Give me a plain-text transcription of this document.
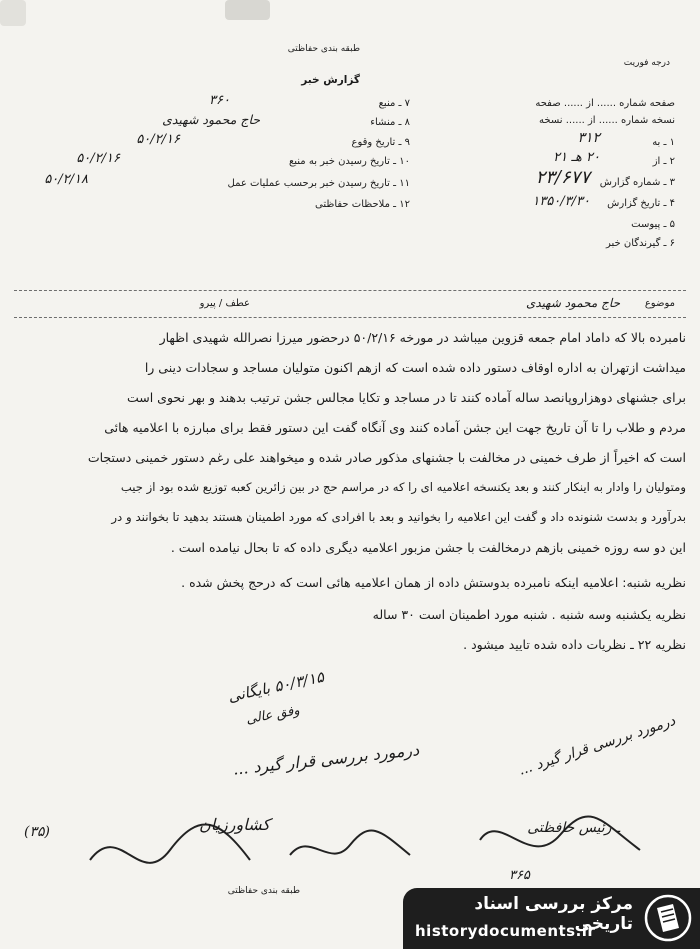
طبقه بندی حفاظتی
درجه فوریت
گزارش خبر
صفحه شماره ...... از ...... صفحه
نسخه شماره ...... از ...... نسخه
۱ ـ به
۳۱۲
۲ ـ از
۲۰ هـ ۲۱
۳ ـ شماره گزارش
۲۳/۶۷۷
۴ ـ تاریخ گزارش
۱۳۵۰/۳/۳۰
۵ ـ پیوست
۶ ـ گیرندگان خبر
۷ ـ منبع
۳۶۰
۸ ـ منشاء
حاج محمود شهیدی
۹ ـ تاریخ وقوع
۵۰/۲/۱۶
۱۰ ـ تاریخ رسیدن خبر به منبع
۵۰/۲/۱۶
۱۱ ـ تاریخ رسیدن خبر برحسب عملیات عمل
۵۰/۲/۱۸
۱۲ ـ ملاحظات حفاظتی
موضوع
حاج محمود شهیدی
عطف / پیرو
نامبرده بالا که داماد امام جمعه قزوین میباشد در مورخه ۵۰/۲/۱۶ درحضور میرزا نصرالله شهیدی اظهار
میداشت ازتهران به اداره اوقاف دستور داده شده است که ازهم اکنون متولیان مساجد و سجادات دینی را
برای جشنهای دوهزاروپانصد ساله آماده کنند تا در مساجد و تکایا مجالس جشن ترتیب بدهند و بهر نحوی است
مردم و طلاب را تا آن تاریخ جهت این جشن آماده کنند وی آنگاه گفت این دستور فقط برای مبارزه با اعلامیه هائی
است که اخیراً از طرف خمینی در مخالفت با جشنهای مذکور صادر شده و میخواهند علی رغم دستور خمینی دستجات
ومتولیان را وادار به اینکار کنند و بعد یکنسخه اعلامیه ای را که در مراسم حج در بین زائرین کعبه توزیع شده بود از جیب
بدرآورد و بدست شنونده داد و گفت این اعلامیه را بخوانید و بعد با افرادی که مورد اطمینان هستند بدهید تا بخوانند و در
این دو سه روزه خمینی بازهم درمخالفت با جشن مزبور اعلامیه دیگری داده که تا بحال نیامده است .
نظریه شنبه: اعلامیه اینکه نامبرده بدوستش داده از همان اعلامیه هائی است که درحج پخش شده .
نظریه یکشنبه وسه شنبه . شنبه مورد اطمینان است ۳۰ ساله
نظریه ۲۲ ـ نظریات داده شده تایید میشود .
۵۰/۳/۱۵ بایگانی
وفق عالی	درمورد بررسی قرار گیرد ...
درمورد بررسی قرار گیرد ...
کشاورزیان	ـ رئیس حافظتی
(۳۵)
۳۶۵
طبقه بندی حفاظتی
مرکز بررسی اسناد تاریخی
historydocuments.ir
